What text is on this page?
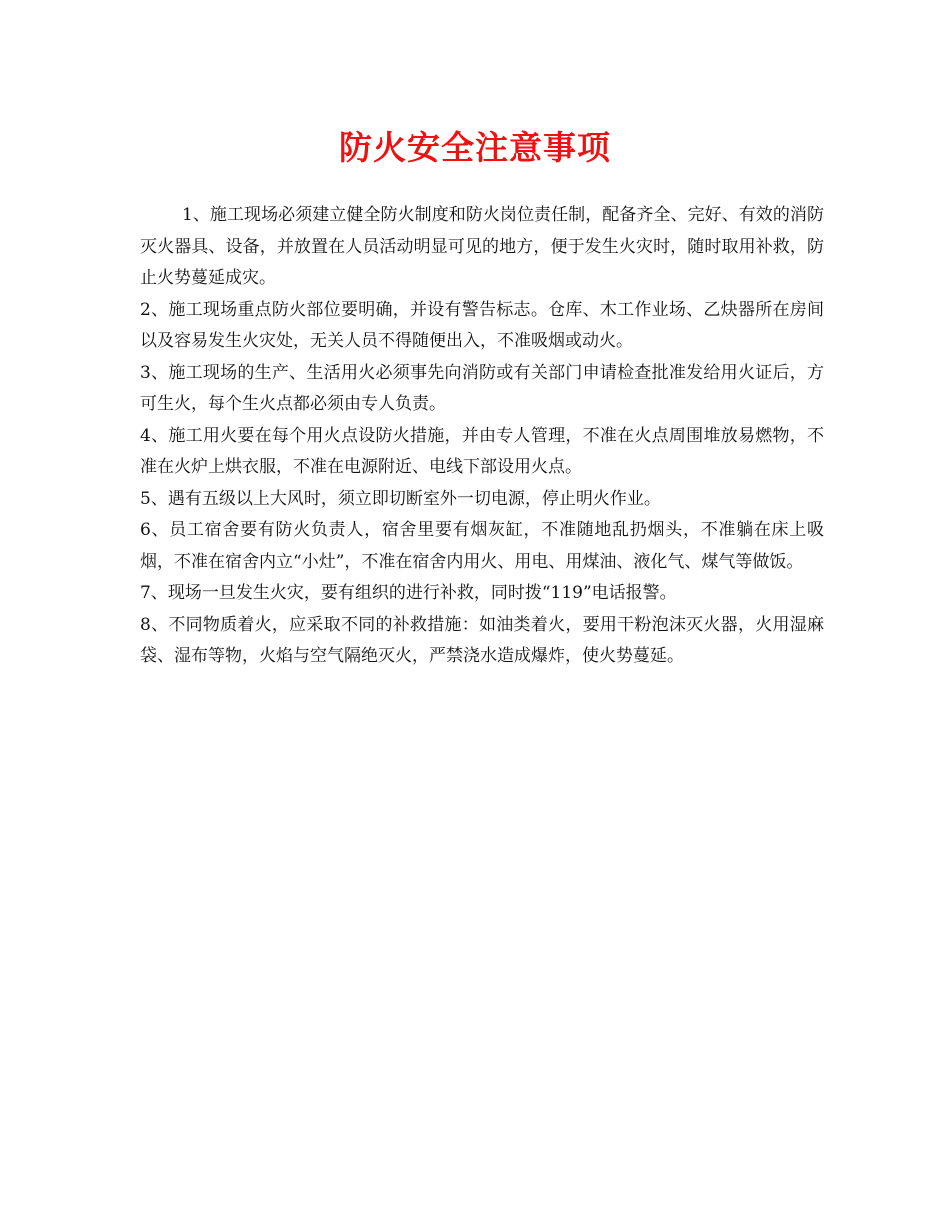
防火安全注意事项

1、施工现场必须建立健全防火制度和防火岗位责任制，配备齐全、完好、有效的消防灭火器具、设备，并放置在人员活动明显可见的地方，便于发生火灾时，随时取用补救，防止火势蔓延成灾。

2、施工现场重点防火部位要明确，并设有警告标志。仓库、木工作业场、乙炔器所在房间以及容易发生火灾处，无关人员不得随便出入，不准吸烟或动火。

3、施工现场的生产、生活用火必须事先向消防或有关部门申请检查批准发给用火证后，方可生火，每个生火点都必须由专人负责。

4、施工用火要在每个用火点设防火措施，并由专人管理，不准在火点周围堆放易燃物，不准在火炉上烘衣服，不准在电源附近、电线下部设用火点。

5、遇有五级以上大风时，须立即切断室外一切电源，停止明火作业。

6、员工宿舍要有防火负责人，宿舍里要有烟灰缸，不准随地乱扔烟头，不准躺在床上吸烟，不准在宿舍内立“小灶”，不准在宿舍内用火、用电、用煤油、液化气、煤气等做饭。

7、现场一旦发生火灾，要有组织的进行补救，同时拨“119”电话报警。

8、不同物质着火，应采取不同的补救措施：如油类着火，要用干粉泡沫灭火器，火用湿麻袋、湿布等物，火焰与空气隔绝灭火，严禁浇水造成爆炸，使火势蔓延。
